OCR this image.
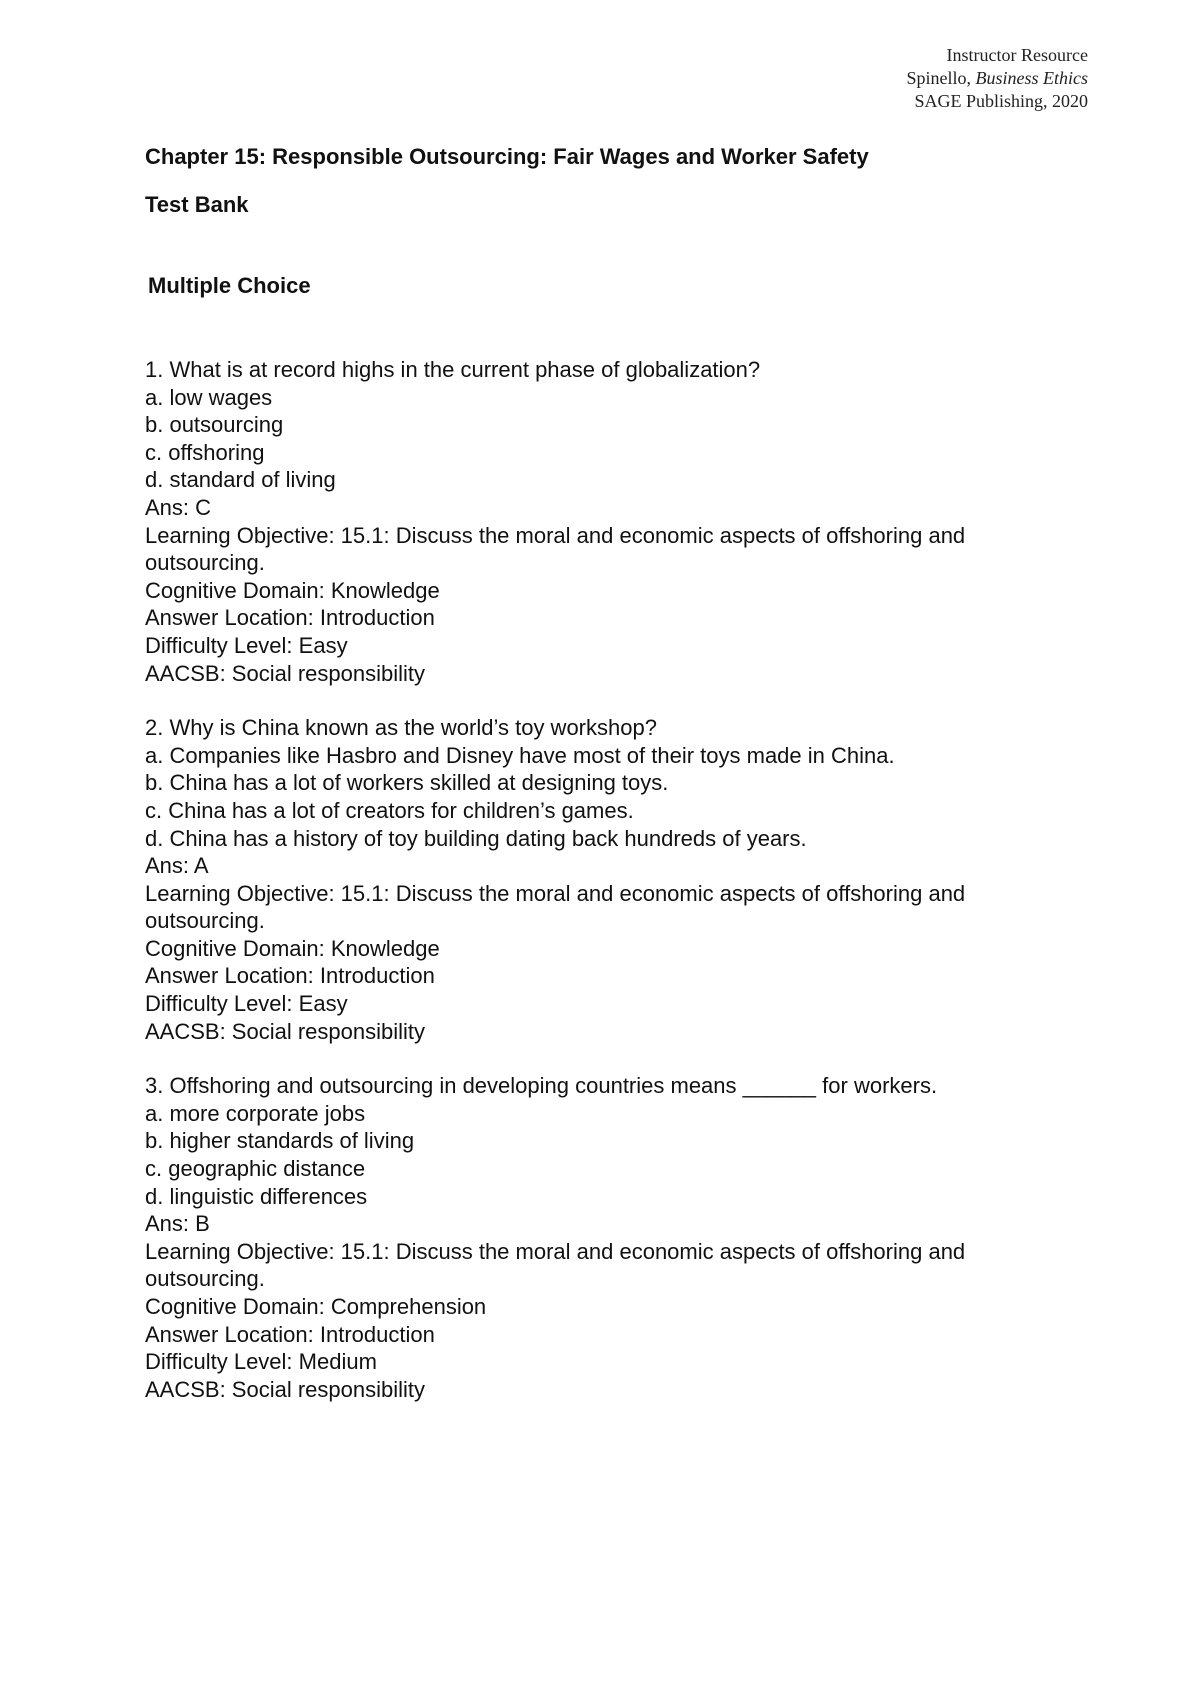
Instructor Resource
Spinello, Business Ethics
SAGE Publishing, 2020

Chapter 15: Responsible Outsourcing: Fair Wages and Worker Safety

Test Bank

Multiple Choice

1. What is at record highs in the current phase of globalization?

a. low wages

b. outsourcing

c. offshoring

d. standard of living

Ans: C

Learning Objective: 15.1: Discuss the moral and economic aspects of offshoring and

outsourcing.

Cognitive Domain: Knowledge

Answer Location: Introduction

Difficulty Level: Easy

AACSB: Social responsibility

2. Why is China known as the world’s toy workshop?

a. Companies like Hasbro and Disney have most of their toys made in China.

b. China has a lot of workers skilled at designing toys.

c. China has a lot of creators for children’s games.

d. China has a history of toy building dating back hundreds of years.

Ans: A

Learning Objective: 15.1: Discuss the moral and economic aspects of offshoring and

outsourcing.

Cognitive Domain: Knowledge

Answer Location: Introduction

Difficulty Level: Easy

AACSB: Social responsibility

3. Offshoring and outsourcing in developing countries means ______ for workers.

a. more corporate jobs

b. higher standards of living

c. geographic distance

d. linguistic differences

Ans: B

Learning Objective: 15.1: Discuss the moral and economic aspects of offshoring and

outsourcing.

Cognitive Domain: Comprehension

Answer Location: Introduction

Difficulty Level: Medium

AACSB: Social responsibility
